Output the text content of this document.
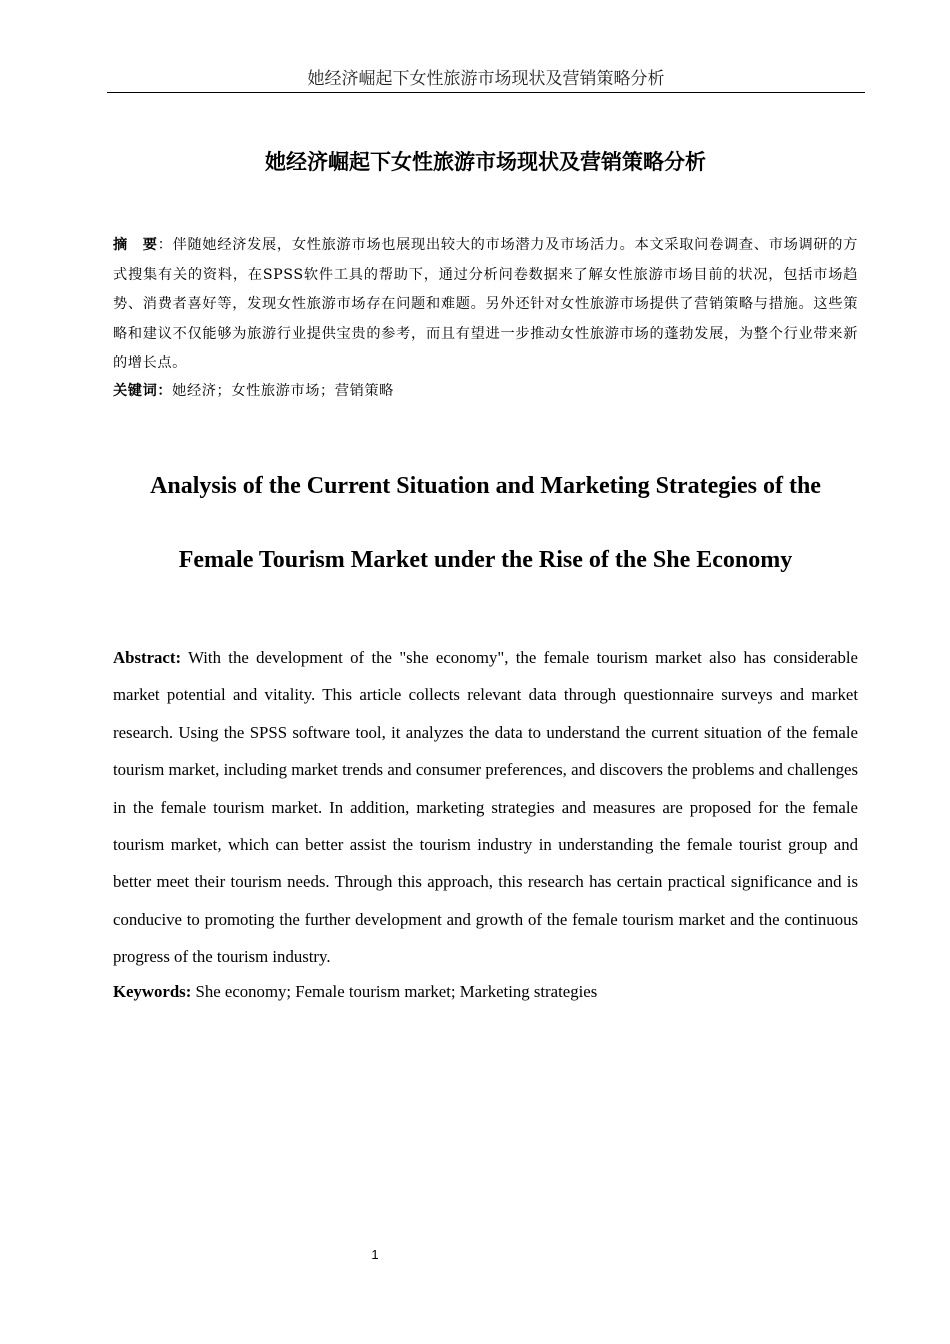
她经济崛起下女性旅游市场现状及营销策略分析
她经济崛起下女性旅游市场现状及营销策略分析
摘　要：伴随她经济发展，女性旅游市场也展现出较大的市场潜力及市场活力。本文采取问卷调查、市场调研的方式搜集有关的资料，在SPSS软件工具的帮助下，通过分析问卷数据来了解女性旅游市场目前的状况，包括市场趋势、消费者喜好等，发现女性旅游市场存在问题和难题。另外还针对女性旅游市场提供了营销策略与措施。这些策略和建议不仅能够为旅游行业提供宝贵的参考，而且有望进一步推动女性旅游市场的蓬勃发展，为整个行业带来新的增长点。
关键词：她经济；女性旅游市场；营销策略
Analysis of the Current Situation and Marketing Strategies of the
Female Tourism Market under the Rise of the She Economy
Abstract: With the development of the "she economy", the female tourism market also has considerable market potential and vitality. This article collects relevant data through questionnaire surveys and market research. Using the SPSS software tool, it analyzes the data to understand the current situation of the female tourism market, including market trends and consumer preferences, and discovers the problems and challenges in the female tourism market. In addition, marketing strategies and measures are proposed for the female tourism market, which can better assist the tourism industry in understanding the female tourist group and better meet their tourism needs. Through this approach, this research has certain practical significance and is conducive to promoting the further development and growth of the female tourism market and the continuous progress of the tourism industry.
Keywords: She economy; Female tourism market; Marketing strategies
1
